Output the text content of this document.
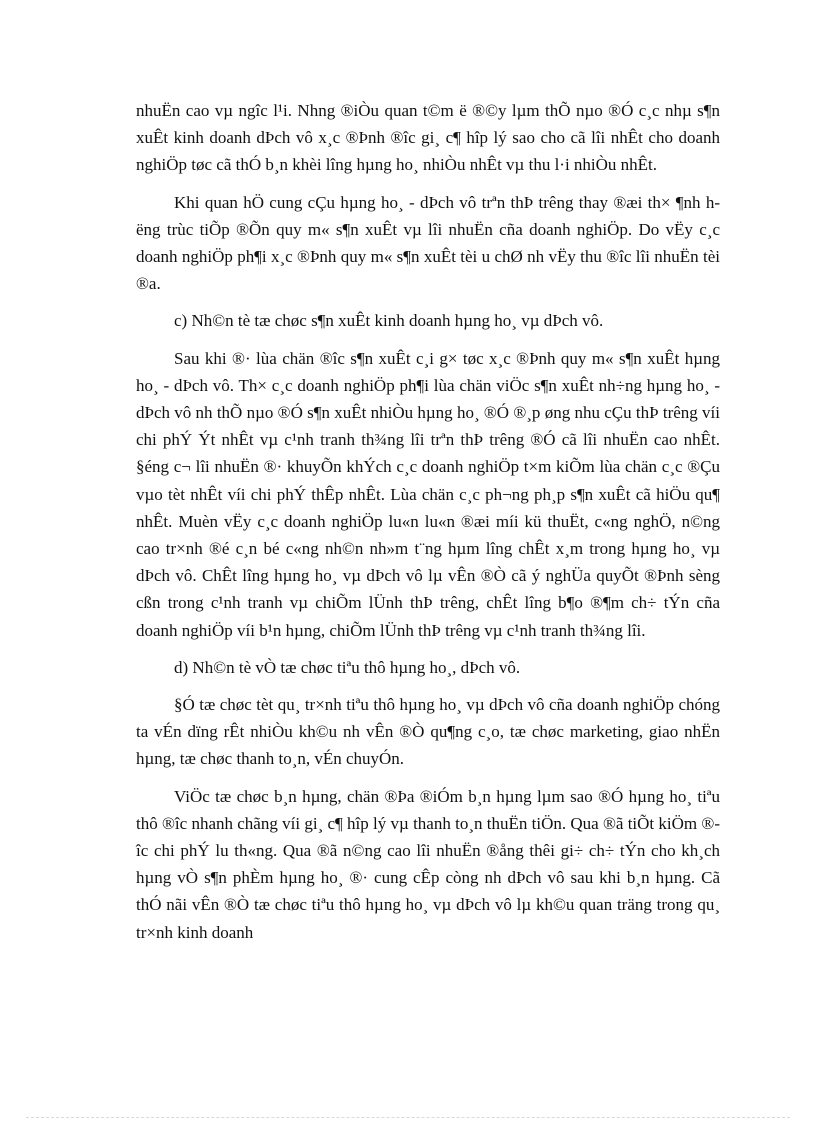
nhuËn cao vµ ngîc l¹i. Nhng ®iÒu quan t©m ë ®©y lµm thÕ nµo ®Ó c¸c nhµ s¶n xuÊt kinh doanh dÞch vô x¸c ®Þnh ®îc gi¸ c¶ hîp lý sao cho cã lîi nhÊt cho doanh nghiÖp tøc cã thÓ b¸n khèi lîng hµng ho¸ nhiÒu nhÊt vµ thu l·i nhiÒu nhÊt.

Khi quan hÖ cung cÇu hµng ho¸ - dÞch vô trªn thÞ trêng thay ®æi th× ¶nh hëng trùc tiÕp ®Õn quy m« s¶n xuÊt vµ lîi nhuËn cña doanh nghiÖp. Do vËy c¸c doanh nghiÖp ph¶i x¸c ®Þnh quy m« s¶n xuÊt tèi u chØ nh vËy thu ®îc lîi nhuËn tèi ®a.

c) Nh©n tè tæ chøc s¶n xuÊt kinh doanh hµng ho¸ vµ dÞch vô.

Sau khi ®· lùa chän ®îc s¶n xuÊt c¸i g× tøc x¸c ®Þnh quy m« s¶n xuÊt hµng ho¸ - dÞch vô. Th× c¸c doanh nghiÖp ph¶i lùa chän viÖc s¶n xuÊt nh÷ng hµng ho¸ - dÞch vô nh thÕ nµo ®Ó s¶n xuÊt nhiÒu hµng ho¸ ®Ó ®¸p øng nhu cÇu thÞ trêng víi chi phÝ Ýt nhÊt vµ c¹nh tranh th¾ng lîi trªn thÞ trêng ®Ó cã lîi nhuËn cao nhÊt. §éng c¬ lîi nhuËn ®· khuyÕn khÝch c¸c doanh nghiÖp t×m kiÕm lùa chän c¸c ®Çu vµo tèt nhÊt víi chi phÝ thÊp nhÊt. Lùa chän c¸c ph¬ng ph¸p s¶n xuÊt cã hiÖu qu¶ nhÊt. Muèn vËy c¸c doanh nghiÖp lu«n lu«n ®æi míi kü thuËt, c«ng nghÖ, n©ng cao tr×nh ®é c¸n bé c«ng nh©n nh»m t¨ng hµm lîng chÊt x¸m trong hµng ho¸ vµ dÞch vô. ChÊt lîng hµng ho¸ vµ dÞch vô lµ vÊn ®Ò cã ý nghÜa quyÕt ®Þnh sèng cßn trong c¹nh tranh vµ chiÕm lÜnh thÞ trêng, chÊt lîng b¶o ®¶m ch÷ tÝn cña doanh nghiÖp víi b¹n hµng, chiÕm lÜnh thÞ trêng vµ c¹nh tranh th¾ng lîi.

d) Nh©n tè vÒ tæ chøc tiªu thô hµng ho¸, dÞch vô.

§Ó tæ chøc tèt qu¸ tr×nh tiªu thô hµng ho¸ vµ dÞch vô cña doanh nghiÖp chóng ta vÉn dïng rÊt nhiÒu kh©u nh vÊn ®Ò qu¶ng c¸o, tæ chøc marketing, giao nhËn hµng, tæ chøc thanh to¸n, vÉn chuyÓn.

ViÖc tæ chøc b¸n hµng, chän ®Þa ®iÓm b¸n hµng lµm sao ®Ó hµng ho¸ tiªu thô ®îc nhanh chãng víi gi¸ c¶ hîp lý vµ thanh to¸n thuËn tiÖn. Qua ®ã tiÕt kiÖm ®îc chi phÝ lu th«ng. Qua ®ã n©ng cao lîi nhuËn ®ång thêi gi÷ ch÷ tÝn cho kh¸ch hµng vÒ s¶n phÈm hµng ho¸ ®· cung cÊp còng nh dÞch vô sau khi b¸n hµng. Cã thÓ nãi vÊn ®Ò tæ chøc tiªu thô hµng ho¸ vµ dÞch vô lµ kh©u quan träng trong qu¸ tr×nh kinh doanh
